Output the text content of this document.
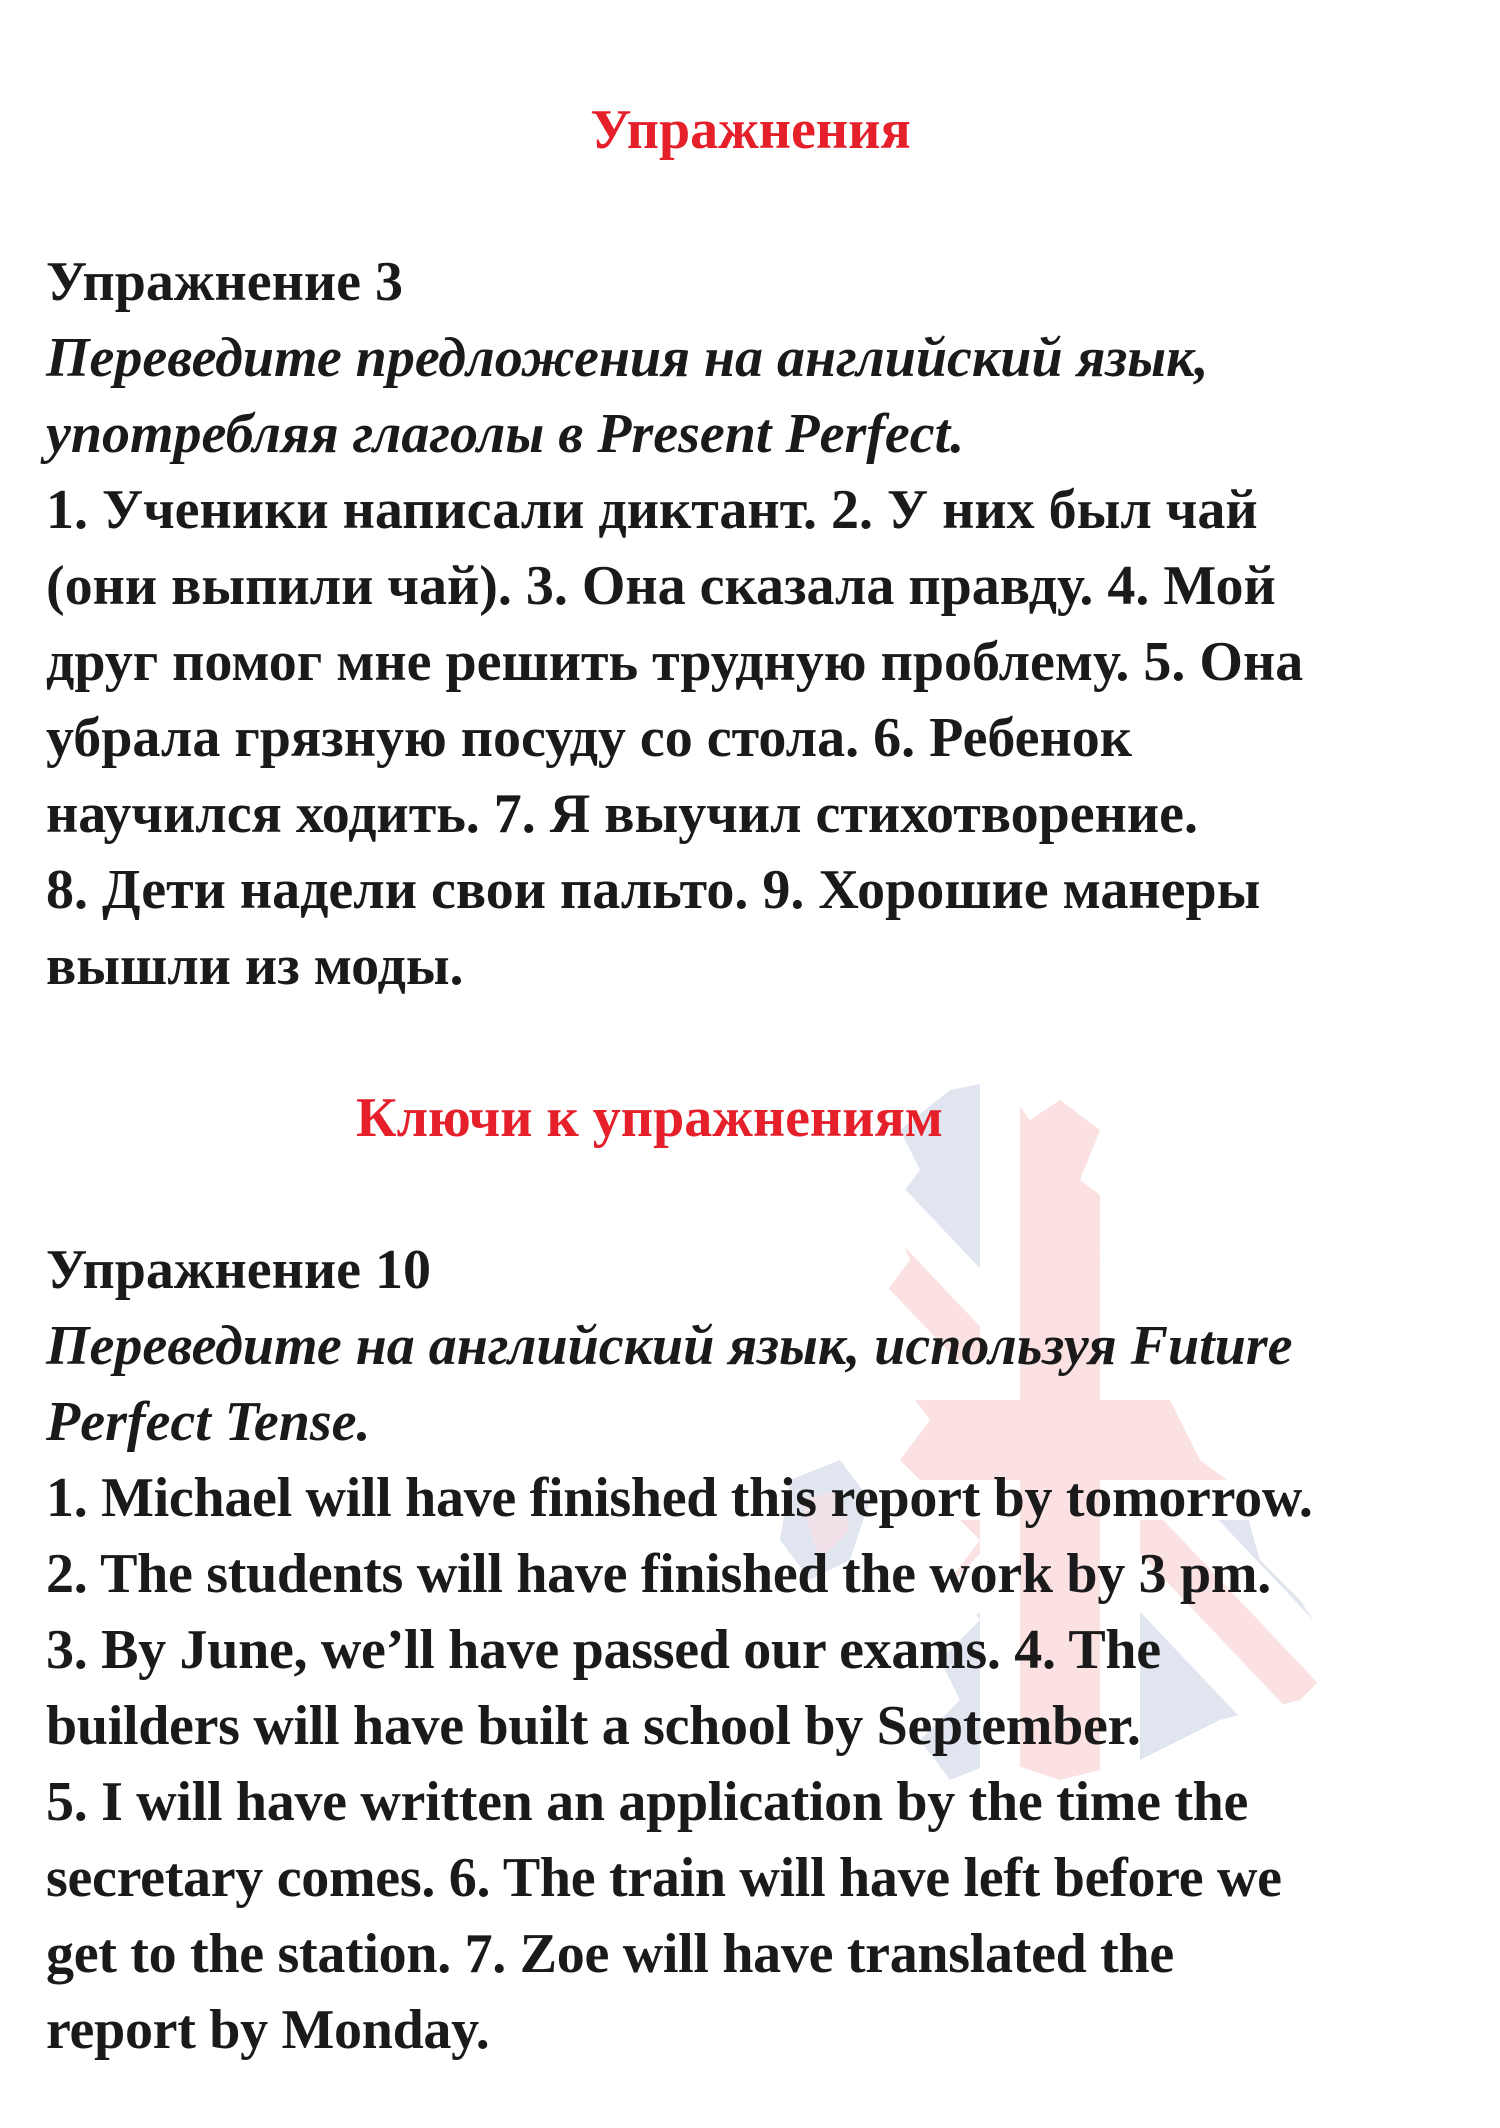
Упражнения

Упражнение 3

Переведите предложения на английский язык,
употребляя глаголы в Present Perfect.

1. Ученики написали диктант. 2. У них был чай
(они выпили чай). 3. Она сказала правду. 4. Мой
друг помог мне решить трудную проблему. 5. Она
убрала грязную посуду со стола. 6. Ребенок
научился ходить. 7. Я выучил стихотворение.
8. Дети надели свои пальто. 9. Хорошие манеры
вышли из моды.

Ключи к упражнениям

Упражнение 10

Переведите на английский язык, используя Future
Perfect Tense.

1. Michael will have finished this report by tomorrow.
2. The students will have finished the work by 3 pm.
3. By June, we’ll have passed our exams. 4. The
builders will have built a school by September.
5. I will have written an application by the time the
secretary comes. 6. The train will have left before we
get to the station. 7. Zoe will have translated the
report by Monday.
